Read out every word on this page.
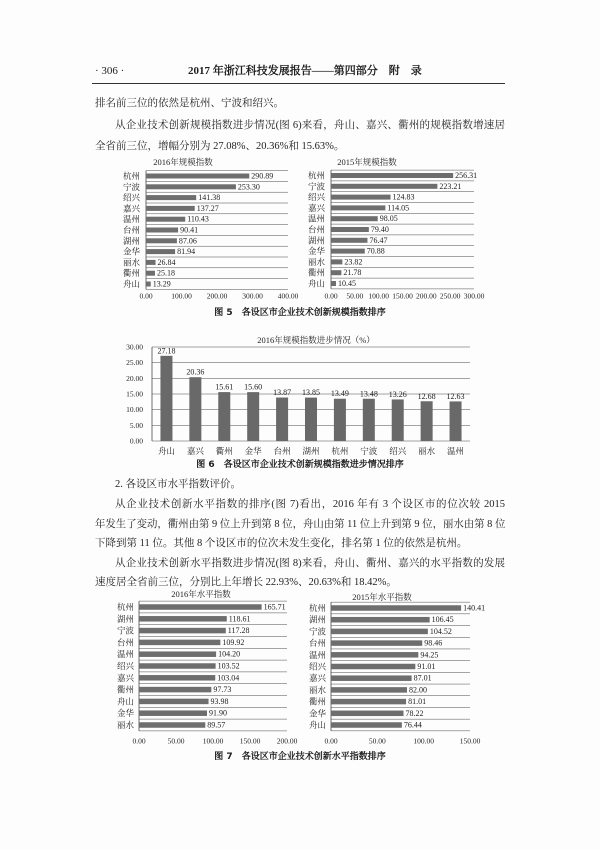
· 306 ·	2017 年浙江科技发展报告——第四部分　附　录
排名前三位的依然是杭州、宁波和绍兴。
从企业技术创新规模指数进步情况(图 6)来看，舟山、嘉兴、衢州的规模指数增速居
全省前三位，增幅分别为 27.08%、20.36%和 15.63%。
2016年规模指数
杭州	290.89
宁波	253.30
绍兴	141.38
嘉兴	137.27
温州	110.43
台州	90.41
湖州	87.06
金华	81.94
丽水 26.84
衢州 25.18
舟山 13.29
0.00 100.00 200.00 300.00 400.00
2015年规模指数
杭州	256.31
宁波	223.21
绍兴	124.83
嘉兴	114.05
温州	98.05
台州	79.40
湖州	76.47
金华	70.88
丽水 23.82
衢州 21.78
舟山 10.45
0.00 50.00 100.00 150.00 200.00 250.00 300.00
2016年规模指数进步情况（%）
0.00
5.00
10.00
15.00
20.00
25.00
30.00 27.18
舟山
20.36
嘉兴
15.61
衢州
15.60
金华
13.87
台州
13.85
湖州
13.49
杭州
13.48
宁波
13.26
绍兴
12.68
丽水
12.63
温州
2016年水平指数
杭州	165.71
湖州	118.61
宁波	117.28
台州	109.92
温州	104.20
绍兴	103.52
嘉兴	103.04
衢州	97.73
舟山	93.98
金华	91.90
丽水	89.57
0.00	50.00 100.00 150.00 200.00
2015年水平指数
杭州	140.41
湖州	106.45
宁波	104.52
台州	98.46
温州	94.25
绍兴	91.01
嘉兴	87.01
丽水	82.00
衢州	81.01
金华	78.22
舟山	76.44
0.00	50.00	100.00	150.00
图 5　各设区市企业技术创新规模指数排序
图 6　各设区市企业技术创新规模指数进步情况排序
2. 各设区市水平指数评价。
从企业技术创新水平指数的排序(图 7)看出，2016 年有 3 个设区市的位次较 2015
年发生了变动，衢州由第 9 位上升到第 8 位，舟山由第 11 位上升到第 9 位，丽水由第 8 位
下降到第 11 位。其他 8 个设区市的位次未发生变化，排名第 1 位的依然是杭州。
从企业技术创新水平指数进步情况(图 8)来看，舟山、衢州、嘉兴的水平指数的发展
速度居全省前三位，分别比上年增长 22.93%、20.63%和 18.42%。
图 7　各设区市企业技术创新水平指数排序
